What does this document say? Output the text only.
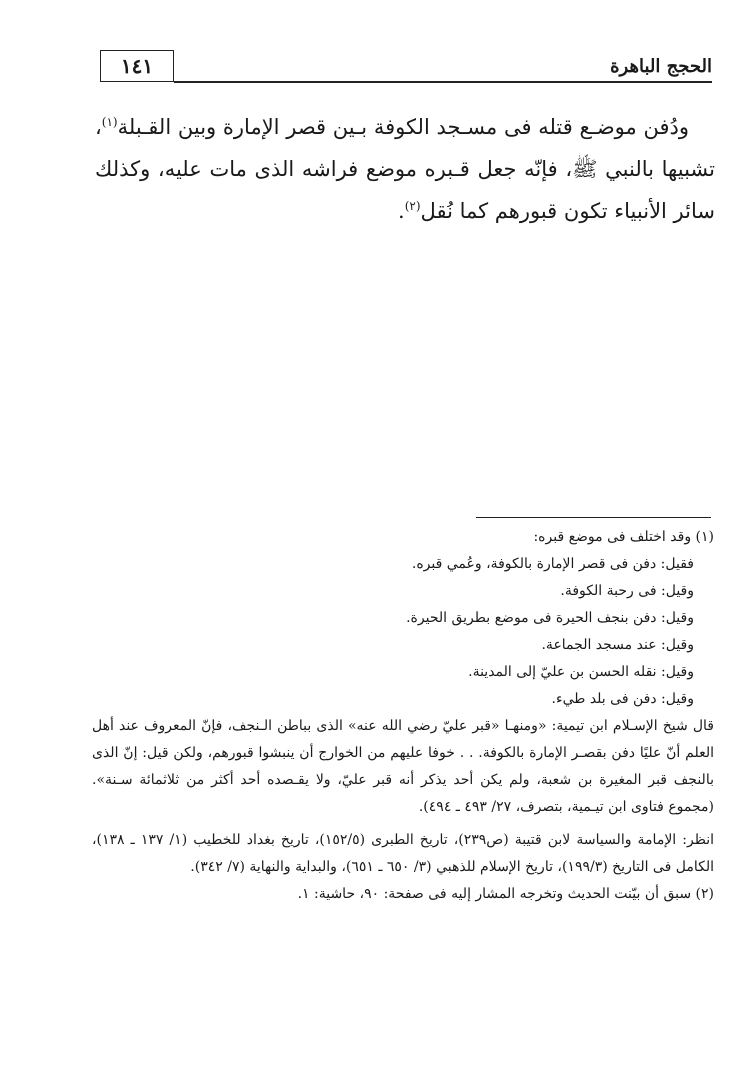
١٤١	الحجج الباهرة

ودُفن موضـع قتله فى مسـجد الكوفة بـين قصر الإمارة وبين القـبلة$^{(١)}$، تشبيها بالنبي ﷺ، فإنّه جعل قـبره موضع فراشه الذى مات عليه، وكذلك سائر الأنبياء تكون قبورهم كما نُقل$^{(٢)}$.

(١) وقد اختلف فى موضع قبره:
فقيل: دفن فى قصر الإمارة بالكوفة، وعُمي قبره.
وقيل: فى رحبة الكوفة.
وقيل: دفن بنجف الحيرة فى موضع بطريق الحيرة.
وقيل: عند مسجد الجماعة.
وقيل: نقله الحسن بن عليّ إلى المدينة.
وقيل: دفن فى بلد طيء.
قال شيخ الإسـلام ابن تيمية: «ومنهـا «قبر عليّ رضي الله عنه» الذى بباطن الـنجف، فإنّ المعروف عند أهل العلم أنّ عليًا دفن بقصـر الإمارة بالكوفة. . . خوفا عليهم من الخوارج أن ينبشوا قبورهم، ولكن قيل: إنّ الذى بالنجف قبر المغيرة بن شعبة، ولم يكن أحد يذكر أنه قبر عليّ، ولا يقـصده أحد أكثر من ثلاثمائة سـنة». (مجموع فتاوى ابن تيـمية، بتصرف، ٢٧/ ٤٩٣ ـ ٤٩٤).
انظر: الإمامة والسياسة لابن قتيبة (ص٢٣٩)، تاريخ الطبرى (١٥٢/٥)، تاريخ بغداد للخطيب (١/ ١٣٧ ـ ١٣٨)، الكامل فى التاريخ (١٩٩/٣)، تاريخ الإسلام للذهبي (٣/ ٦٥٠ ـ ٦٥١)، والبداية والنهاية (٧/ ٣٤٢).
(٢) سبق أن بيّنت الحديث وتخرجه المشار إليه فى صفحة: ٩٠، حاشية: ١.
